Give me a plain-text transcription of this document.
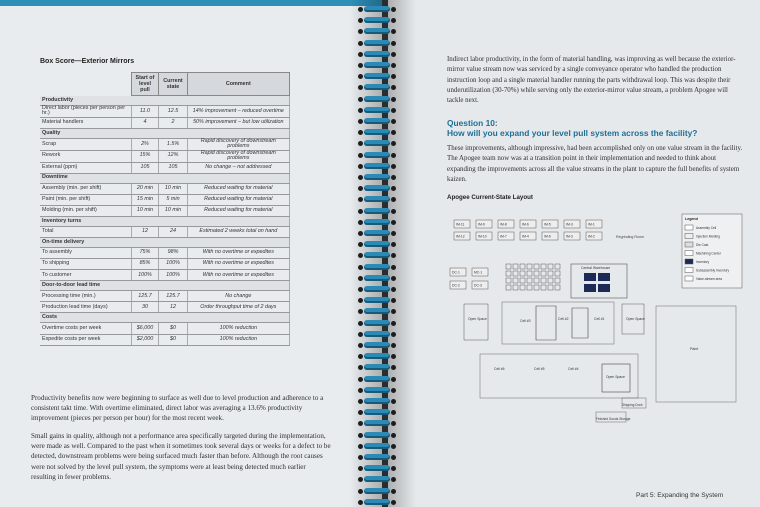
Box Score—Exterior Mirrors
	Start of level pull	Current state	Comment
Productivity			
Direct labor (pieces per person per hr.)	11.0	12.5	14% improvement – reduced overtime
Material handlers	4	2	50% improvement – but low utilization
Quality			
Scrap	2%	1.5%	Rapid discovery of downstream problems
Rework	15%	12%	Rapid discovery of downstream problems
External (ppm)	105	105	No change – not addressed
Downtime			
Assembly (min. per shift)	20 min	10 min	Reduced waiting for material
Paint (min. per shift)	15 min	5 min	Reduced waiting for material
Molding (min. per shift)	10 min	10 min	Reduced waiting for material
Inventory turns			
Total	12	24	Estimated 2 weeks total on hand
On-time delivery			
To assembly	75%	98%	With no overtime or expedites
To shipping	85%	100%	With no overtime or expedites
To customer	100%	100%	With no overtime or expedites
Door-to-door lead time			
Processing time (min.)	125.7	125.7	No change
Production lead time (days)	30	12	Order throughput time of 2 days
Costs			
Overtime costs per week	$6,000	$0	100% reduction
Expedite costs per week	$2,000	$0	100% reduction
Productivity benefits now were beginning to surface as well due to level production and adherence to a consistent takt time. With overtime eliminated, direct labor was averaging a 13.6% productivity improvement (pieces per person per hour) for the most recent week.
Small gains in quality, although not a performance area specifically targeted during the implementation, were made as well. Compared to the past when it sometimes took several days or weeks for a defect to be detected, downstream problems were being surfaced much faster than before. Although the root causes were not solved by the level pull system, the symptoms were at least being detected much earlier resulting in fewer problems.
Indirect labor productivity, in the form of material handling, was improving as well because the exterior-mirror value stream now was serviced by a single conveyance operator who handled the production instruction loop and a single material handler running the parts withdrawal loop. This was despite their underutilization (30-70%) while serving only the exterior-mirror value stream, a problem Apogee will tackle next.
Question 10:
How will you expand your level pull system across the facility?
These improvements, although impressive, had been accomplished only on one value stream in the facility. The Apogee team now was at a transition point in their implementation and needed to think about expanding the improvements across all the value streams in the plant to capture the full benefits of system kaizen.
Apogee Current-State Layout
IM-11	IM-9	IM-8	IM-6	IM-5	IM-3	IM-1
IM-12	IM-10	IM-7	IM-4	IM-6	IM-3	IM-2	Regrinding Room
DC-1	MC-1
DC-2	DC-3
Central Warehouse
Open Space	Open Space
Cell #3	Cell #2	Cell #1
Cell #6	Cell #5	Cell #4
Open Space
Paint
Shipping Dock
Finished Goods Storage
Legend
Assembly Cell
Injection Molding
Die Cast
Machining Center
Inventory
Subassembly Inventory
Value-stream area
Part 5: Expanding the System
